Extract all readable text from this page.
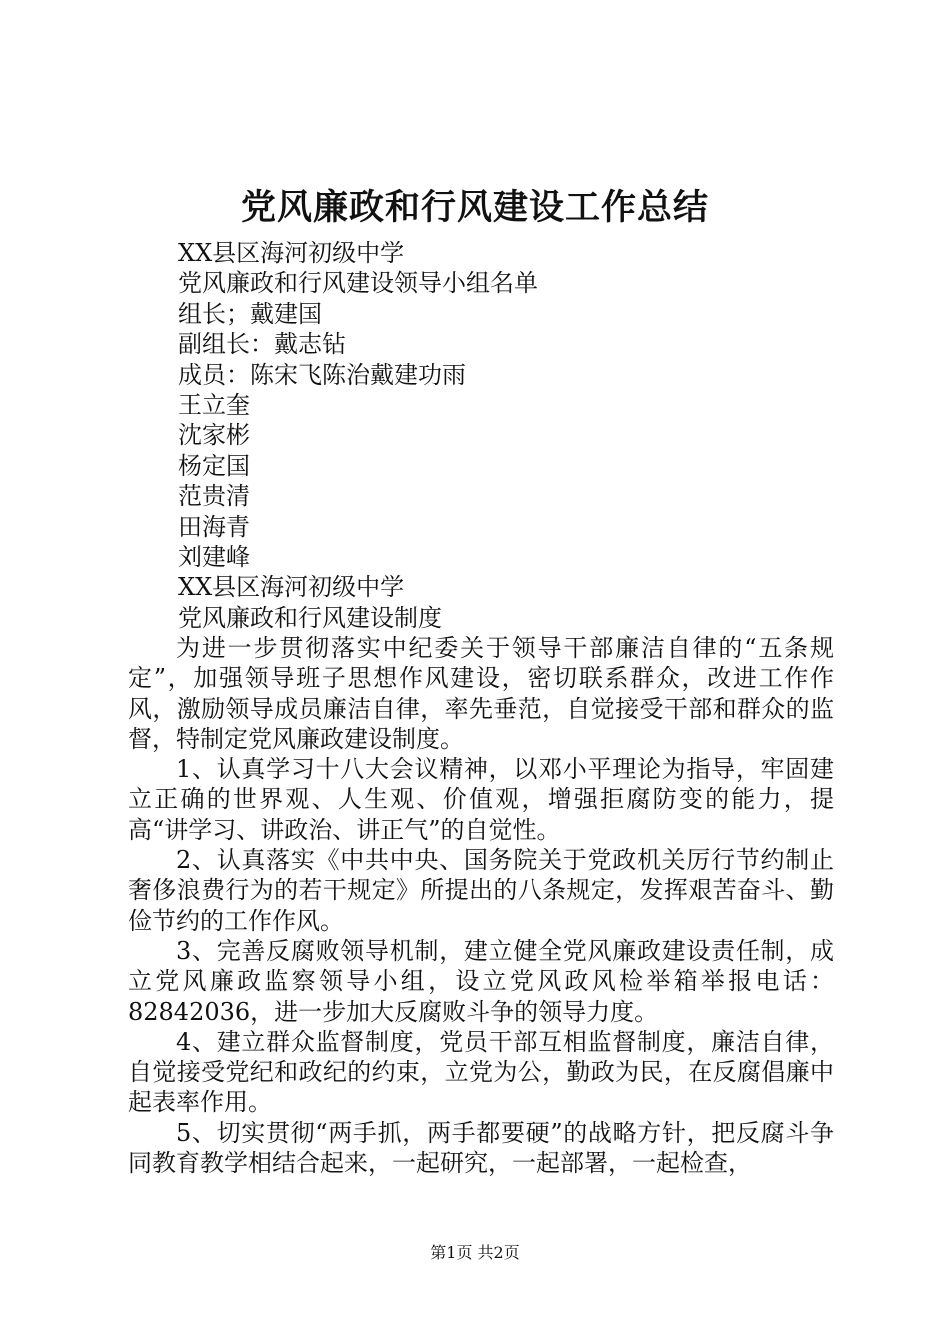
党风廉政和行风建设工作总结
XX县区海河初级中学
党风廉政和行风建设领导小组名单
组长；戴建国
副组长：戴志钻
成员：陈宋飞陈治戴建功雨
王立奎
沈家彬
杨定国
范贵清
田海青
刘建峰
XX县区海河初级中学
党风廉政和行风建设制度

为进一步贯彻落实中纪委关于领导干部廉洁自律的“五条规定”，加强领导班子思想作风建设，密切联系群众，改进工作作风，激励领导成员廉洁自律，率先垂范，自觉接受干部和群众的监督，特制定党风廉政建设制度。

1、认真学习十八大会议精神，以邓小平理论为指导，牢固建立正确的世界观、人生观、价值观，增强拒腐防变的能力，提高“讲学习、讲政治、讲正气”的自觉性。

2、认真落实《中共中央、国务院关于党政机关厉行节约制止奢侈浪费行为的若干规定》所提出的八条规定，发挥艰苦奋斗、勤俭节约的工作作风。

3、完善反腐败领导机制，建立健全党风廉政建设责任制，成立党风廉政监察领导小组，设立党风政风检举箱举报电话：82842036，进一步加大反腐败斗争的领导力度。

4、建立群众监督制度，党员干部互相监督制度，廉洁自律，自觉接受党纪和政纪的约束，立党为公，勤政为民，在反腐倡廉中起表率作用。

5、切实贯彻“两手抓，两手都要硬”的战略方针，把反腐斗争同教育教学相结合起来，一起研究，一起部署，一起检查，

第1页 共2页
